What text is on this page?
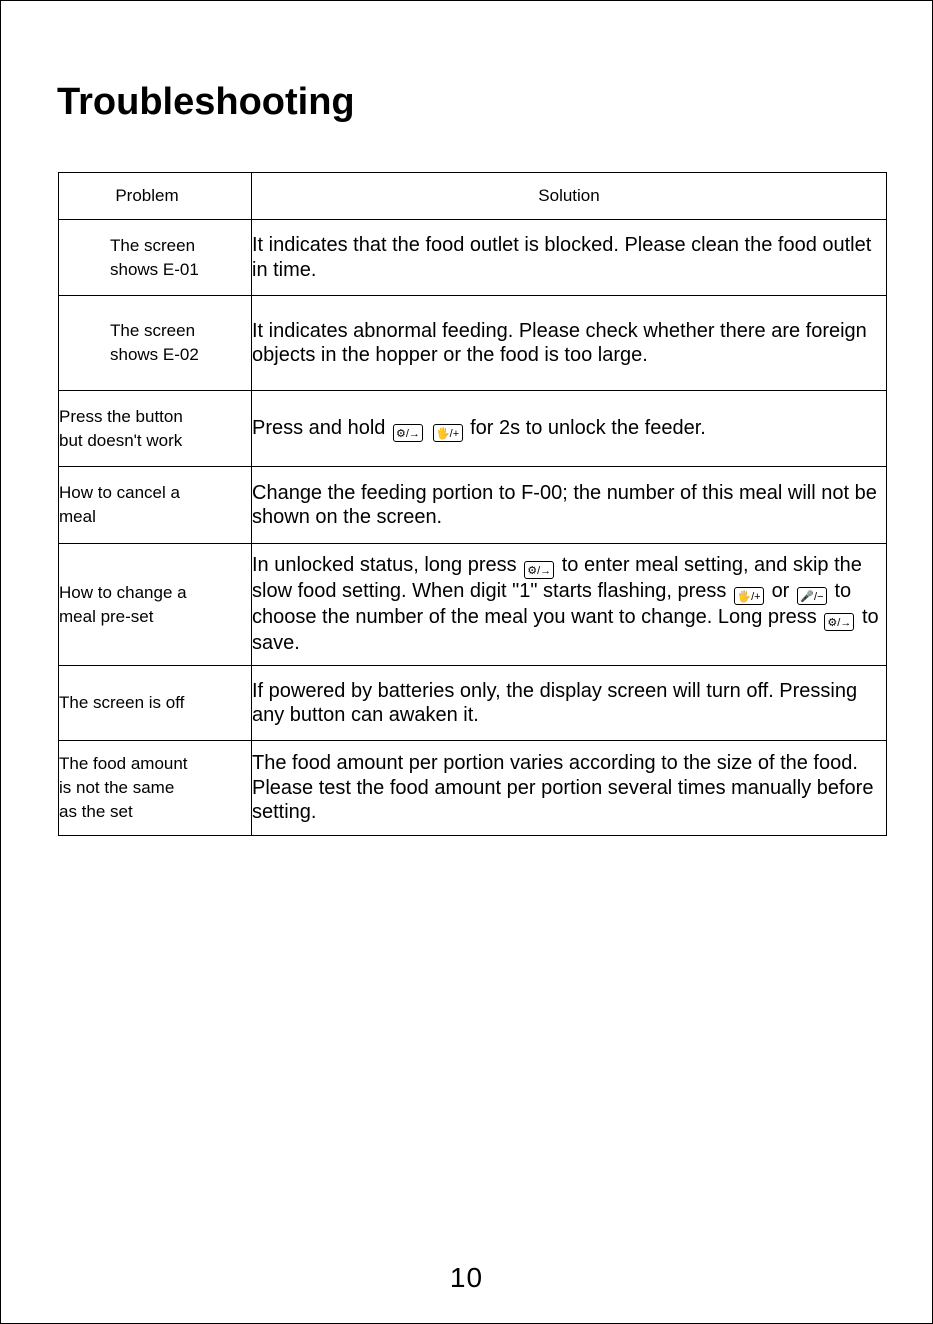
Troubleshooting
Problem	Solution
The screen
shows E-01	It indicates that the food outlet is blocked. Please clean the food outlet in time.
The screen
shows E-02	It indicates abnormal feeding. Please check whether there are foreign objects in the hopper or the food is too large.
Press the button
but doesn't work	Press and hold ⚙/→ 🖐/+ for 2s to unlock the feeder.
How to cancel a
meal	Change the feeding portion to F-00; the number of this meal will not be shown on the screen.
How to change a
meal pre-set	In unlocked status, long press ⚙/→ to enter meal setting, and skip the slow food setting. When digit "1" starts flashing, press 🖐/+ or 🎤/− to choose the number of the meal you want to change. Long press ⚙/→ to save.
The screen is off	If powered by batteries only, the display screen will turn off. Pressing any button can awaken it.
The food amount
is not the same
as the set	The food amount per portion varies according to the size of the food. Please test the food amount per portion several times manually before setting.
10
